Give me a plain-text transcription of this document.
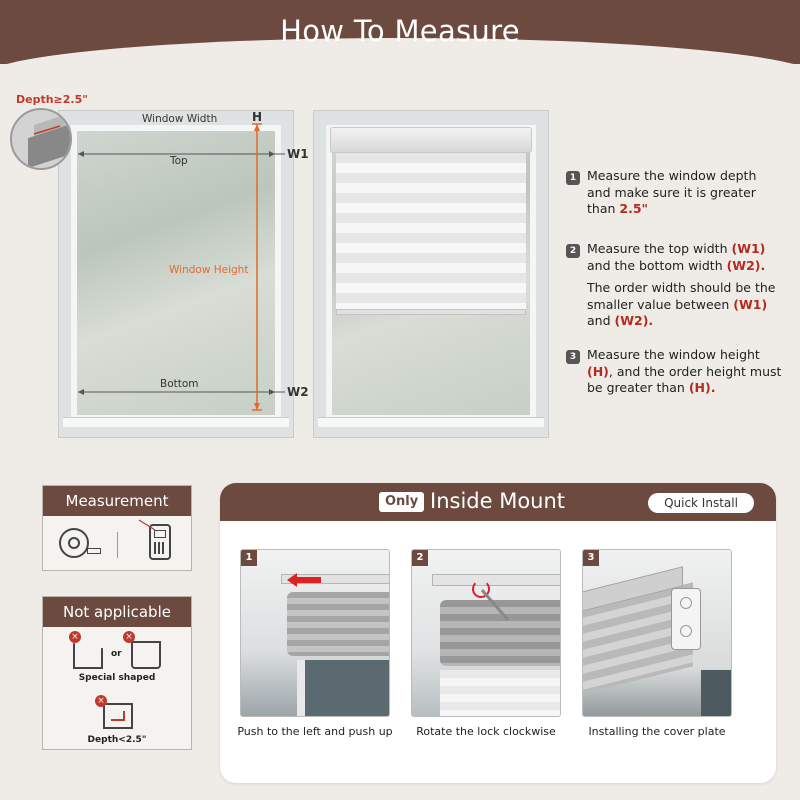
How To Measure
Window Width	H
Top	W1
Window Height
Bottom
W2
Depth≥2.5"
1 Measure the window depth and make sure it is greater than 2.5"
2 Measure the top width (W1) and the bottom width (W2).
The order width should be the smaller value between (W1) and (W2).
3 Measure the window height (H), and the order height must be greater than (H).
Measurement
Not applicable
×
or
×
Special shaped
×
Depth<2.5"
Only Inside Mount	Quick Install
1
Push to the left and push up
2
Rotate the lock clockwise
3
Installing the cover plate
